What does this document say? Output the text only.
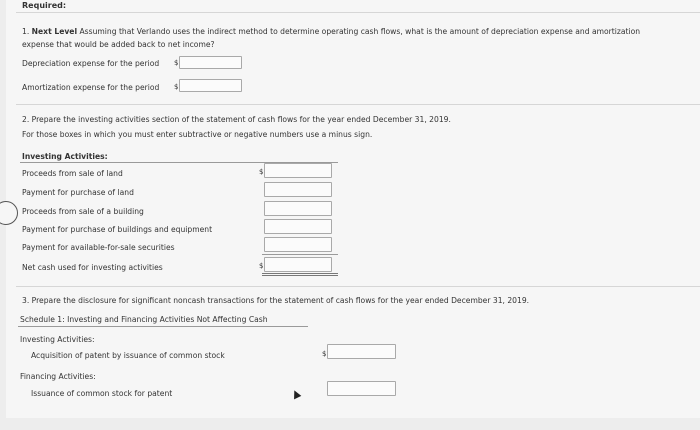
Required:
1. Next Level Assuming that Verlando uses the indirect method to determine operating cash flows, what is the amount of depreciation expense and amortization
expense that would be added back to net income?
Depreciation expense for the period $
Amortization expense for the period $
2. Prepare the investing activities section of the statement of cash flows for the year ended December 31, 2019.
For those boxes in which you must enter subtractive or negative numbers use a minus sign.
Investing Activities:
Proceeds from sale of land	$
Payment for purchase of land
Proceeds from sale of a building
Payment for purchase of buildings and equipment
Payment for available-for-sale securities
Net cash used for investing activities	$
3. Prepare the disclosure for significant noncash transactions for the statement of cash flows for the year ended December 31, 2019.
Schedule 1: Investing and Financing Activities Not Affecting Cash
Investing Activities:
Acquisition of patent by issuance of common stock	$
Financing Activities:
Issuance of common stock for patent
